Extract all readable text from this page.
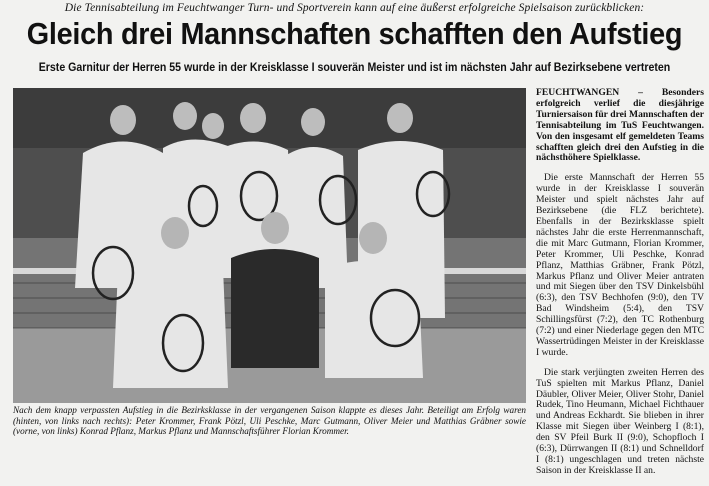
Die Tennisabteilung im Feuchtwanger Turn- und Sportverein kann auf eine äußerst erfolgreiche Spielsaison zurückblicken:
Gleich drei Mannschaften schafften den Aufstieg
Erste Garnitur der Herren 55 wurde in der Kreisklasse I souverän Meister und ist im nächsten Jahr auf Bezirksebene vertreten
Nach dem knapp verpassten Aufstieg in die Bezirksklasse in der vergangenen Saison klappte es dieses Jahr. Beteiligt am Erfolg waren (hinten, von links nach rechts): Peter Krommer, Frank Pötzl, Uli Peschke, Marc Gutmann, Oliver Meier und Matthias Gräbner sowie (vorne, von links) Konrad Pflanz, Markus Pflanz und Mannschaftsführer Florian Krommer.

FEUCHTWANGEN – Besonders erfolgreich verlief die diesjährige Turniersaison für drei Mannschaften der Tennisabteilung im TuS Feuchtwangen. Von den insgesamt elf gemeldeten Teams schafften gleich drei den Aufstieg in die nächsthöhere Spielklasse.

Die erste Mannschaft der Herren 55 wurde in der Kreisklasse I souverän Meister und spielt nächstes Jahr auf Bezirksebene (die FLZ berichtete). Ebenfalls in der Bezirksklasse spielt nächstes Jahr die erste Herrenmannschaft, die mit Marc Gutmann, Florian Krommer, Peter Krommer, Uli Peschke, Konrad Pflanz, Matthias Gräbner, Frank Pötzl, Markus Pflanz und Oliver Meier antraten und mit Siegen über den TSV Dinkelsbühl (6:3), den TSV Bechhofen (9:0), den TV Bad Windsheim (5:4), den TSV Schillingsfürst (7:2), den TC Rothenburg (7:2) und einer Niederlage gegen den MTC Wassertrüdingen Meister in der Kreisklasse I wurde.

Die stark verjüngten zweiten Herren des TuS spielten mit Markus Pflanz, Daniel Däubler, Oliver Meier, Oliver Stohr, Daniel Rudek, Tino Heumann, Michael Fichthauer und Andreas Eckhardt. Sie blieben in ihrer Klasse mit Siegen über Weinberg I (8:1), den SV Pfeil Burk II (9:0), Schopfloch I (6:3), Dürrwangen II (8:1) und Schnelldorf I (8:1) ungeschlagen und treten nächste Saison in der Kreisklasse II an.
